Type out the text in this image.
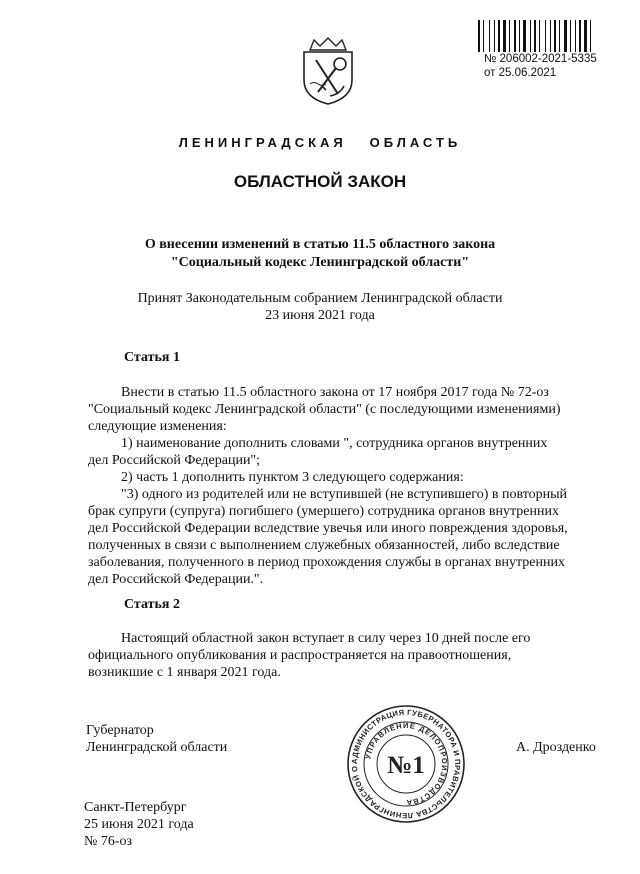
№ 206002-2021-5335
от 25.06.2021
ЛЕНИНГРАДСКАЯ   ОБЛАСТЬ
ОБЛАСТНОЙ ЗАКОН
О внесении изменений в статью 11.5 областного закона
"Социальный кодекс Ленинградской области"
Принят Законодательным собранием Ленинградской области
23 июня 2021 года
Статья 1
Внести в статью 11.5 областного закона от 17 ноября 2017 года № 72-оз
"Социальный кодекс Ленинградской области" (с последующими изменениями)
следующие изменения:
1) наименование дополнить словами ", сотрудника органов внутренних
дел Российской Федерации";
2) часть 1 дополнить пунктом 3 следующего содержания:
"3) одного из родителей или не вступившей (не вступившего) в повторный
брак супруги (супруга) погибшего (умершего) сотрудника органов внутренних
дел Российской Федерации вследствие увечья или иного повреждения здоровья,
полученных в связи с выполнением служебных обязанностей, либо вследствие
заболевания, полученного в период прохождения службы в органах внутренних
дел Российской Федерации.".
Статья 2
Настоящий областной закон вступает в силу через 10 дней после его
официального опубликования и распространяется на правоотношения,
возникшие с 1 января 2021 года.
Губернатор
Ленинградской области	А. Дрозденко
АДМИНИСТРАЦИЯ ГУБЕРНАТОРА И ПРАВИТЕЛЬСТВА ЛЕНИНГРАДСКОЙ О
УПРАВЛЕНИЕ ДЕЛОПРОИЗВОДСТВА
№1
Санкт-Петербург
25 июня 2021 года
№ 76-оз
